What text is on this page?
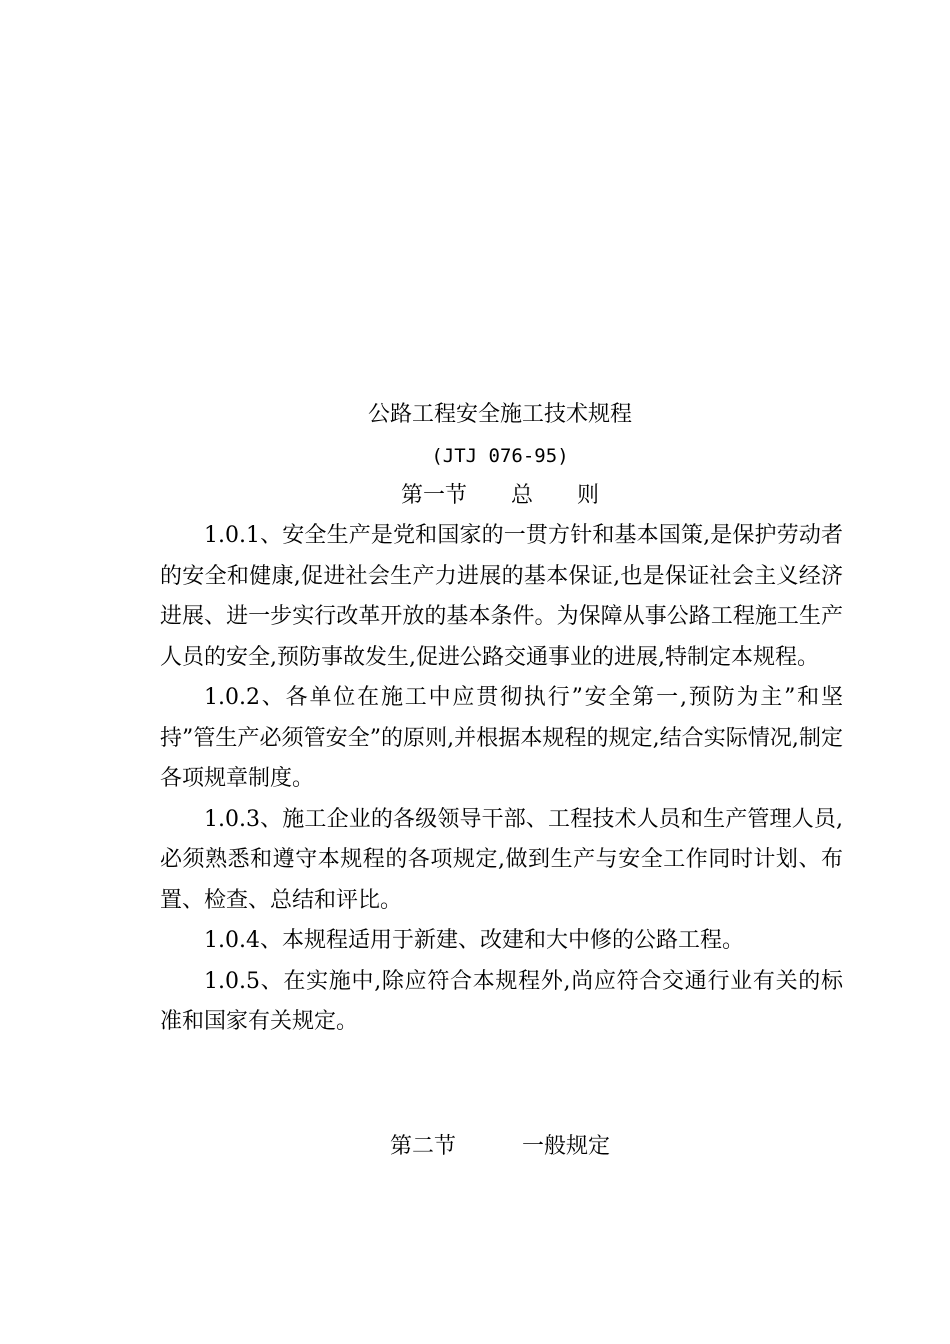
公路工程安全施工技术规程
(JTJ 076-95)
第一节　　总　　则

1.0.1、安全生产是党和国家的一贯方针和基本国策,是保护劳动者的安全和健康,促进社会生产力进展的基本保证,也是保证社会主义经济进展、进一步实行改革开放的基本条件。为保障从事公路工程施工生产人员的安全,预防事故发生,促进公路交通事业的进展,特制定本规程。

1.0.2、各单位在施工中应贯彻执行”安全第一,预防为主”和坚持”管生产必须管安全”的原则,并根据本规程的规定,结合实际情况,制定各项规章制度。

1.0.3、施工企业的各级领导干部、工程技术人员和生产管理人员,必须熟悉和遵守本规程的各项规定,做到生产与安全工作同时计划、布置、检查、总结和评比。

1.0.4、本规程适用于新建、改建和大中修的公路工程。

1.0.5、在实施中,除应符合本规程外,尚应符合交通行业有关的标准和国家有关规定。

第二节　　　一般规定
